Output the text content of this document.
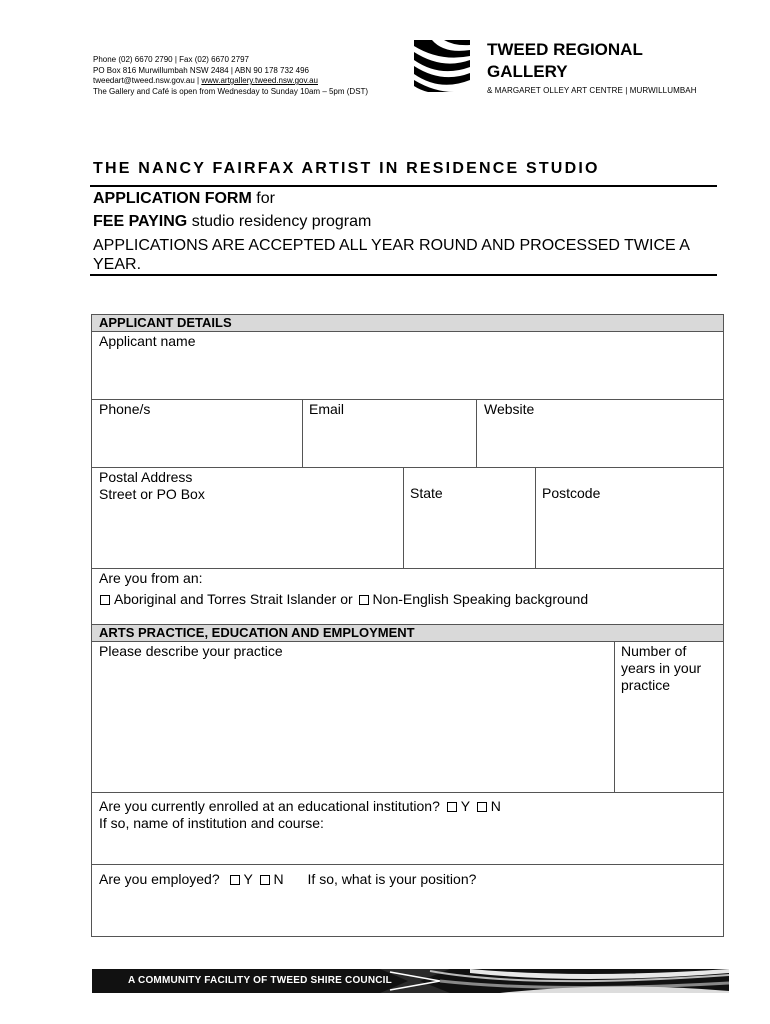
Phone (02) 6670 2790 | Fax (02) 6670 2797
PO Box 816 Murwillumbah NSW 2484 | ABN 90 178 732 496
tweedart@tweed.nsw.gov.au | www.artgallery.tweed.nsw.gov.au
The Gallery and Café is open from Wednesday to Sunday 10am – 5pm (DST)
TWEED REGIONAL
GALLERY
& MARGARET OLLEY ART CENTRE | MURWILLUMBAH
THE NANCY FAIRFAX ARTIST IN RESIDENCE STUDIO
APPLICATION FORM for
FEE PAYING studio residency program
APPLICATIONS ARE ACCEPTED ALL YEAR ROUND AND PROCESSED TWICE A YEAR.
APPLICANT DETAILS
Applicant name
Phone/s	Email	Website
Postal Address
Street or PO Box	State	Postcode
Are you from an:
Aboriginal and Torres Strait Islander or Non-English Speaking background
ARTS PRACTICE, EDUCATION AND EMPLOYMENT
Please describe your practice	Number of
years in your
practice
Are you currently enrolled at an educational institution? Y N
If so, name of institution and course:
Are you employed? Y N If so, what is your position?
A COMMUNITY FACILITY OF TWEED SHIRE COUNCIL
